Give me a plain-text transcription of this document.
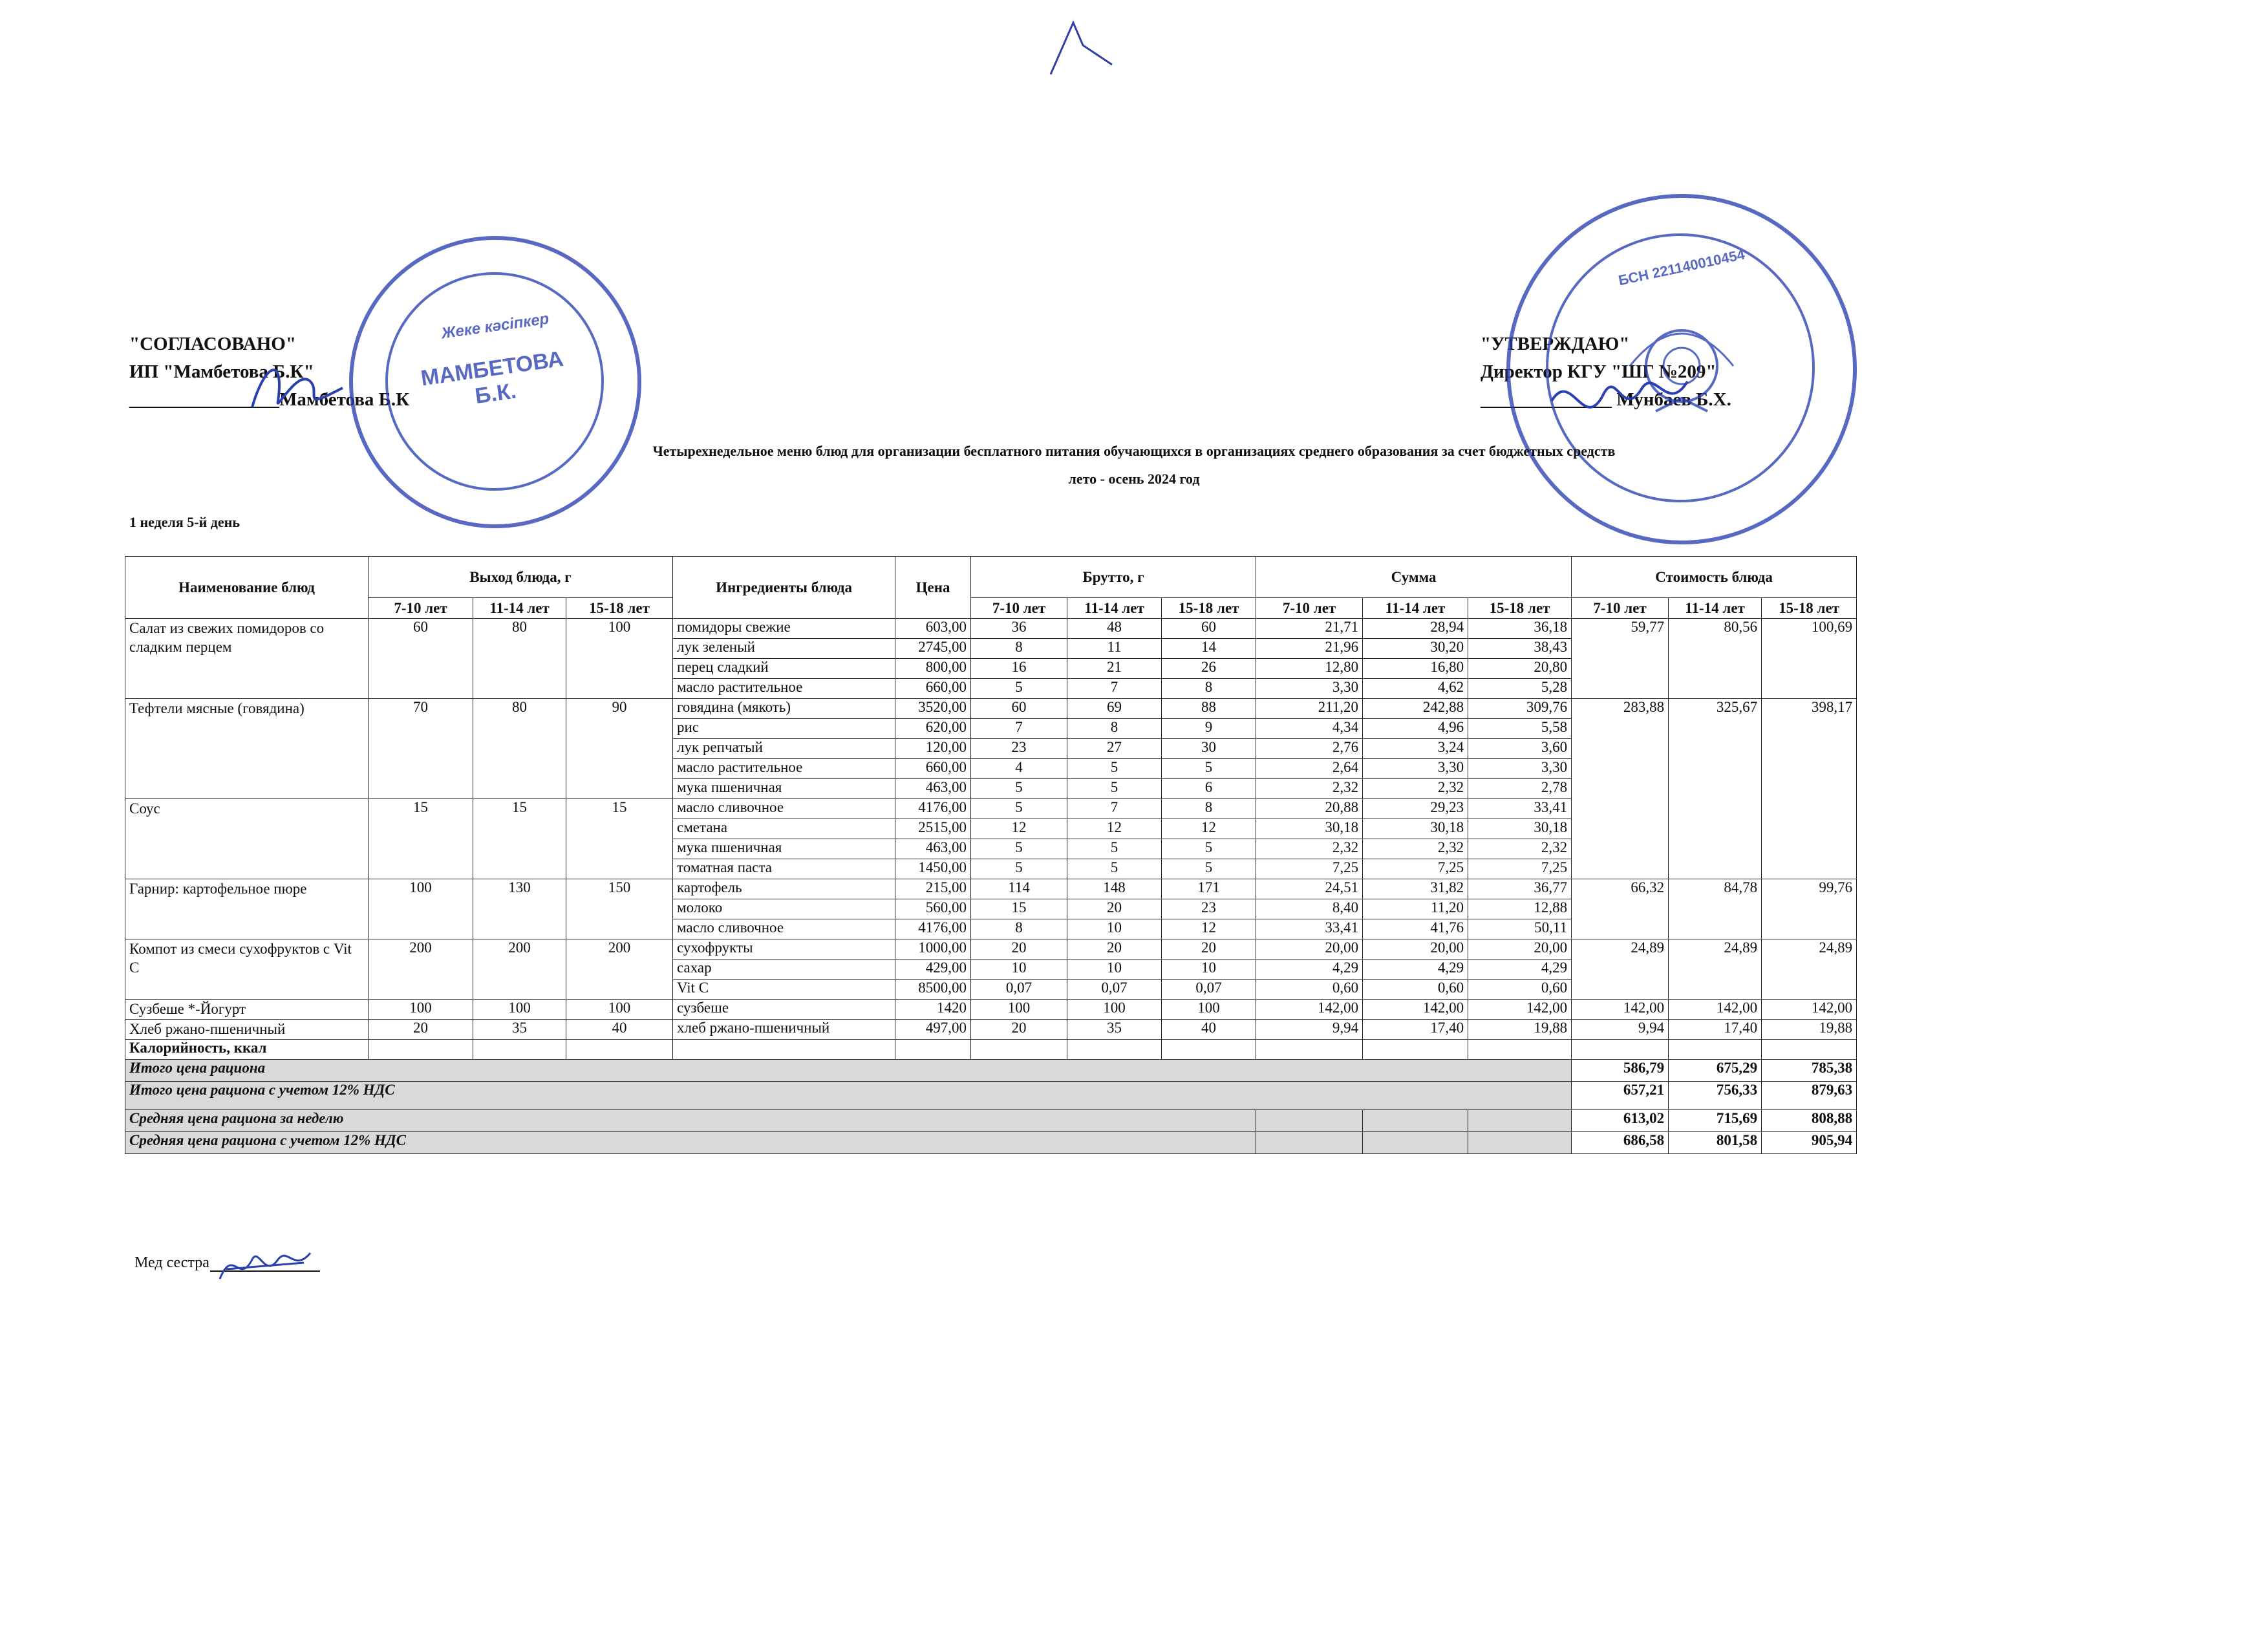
"СОГЛАСОВАНО"
ИП "Мамбетова Б.К"
________________Мамбетова Б.К
"УТВЕРЖДАЮ"
Директор КГУ "ШГ №209"
______________ Мунбаев Б.Х.
МАМБЕТОВА Б.К.
Жеке кәсіпкер
БСН 221140010454
Четырехнедельное меню блюд для организации бесплатного питания обучающихся в организациях среднего образования за счет бюджетных средств
лето - осень 2024 год
1 неделя 5-й день
Наименование блюд	Выход блюда, г			Ингредиенты блюда	Цена	Брутто, г			Сумма			Стоимость блюда		
	7-10 лет	11-14 лет	15-18 лет			7-10 лет	11-14 лет	15-18 лет	7-10 лет	11-14 лет	15-18 лет	7-10 лет	11-14 лет	15-18 лет
Салат из свежих помидоров со сладким перцем	60	80	100	помидоры свежие	603,00	36	48	60	21,71	28,94	36,18	59,77	80,56	100,69
				лук зеленый	2745,00	8	11	14	21,96	30,20	38,43			
				перец сладкий	800,00	16	21	26	12,80	16,80	20,80			
				масло растительное	660,00	5	7	8	3,30	4,62	5,28			
Тефтели мясные (говядина)	70	80	90	говядина (мякоть)	3520,00	60	69	88	211,20	242,88	309,76	283,88	325,67	398,17
				рис	620,00	7	8	9	4,34	4,96	5,58			
				лук репчатый	120,00	23	27	30	2,76	3,24	3,60			
				масло растительное	660,00	4	5	5	2,64	3,30	3,30			
				мука пшеничная	463,00	5	5	6	2,32	2,32	2,78			
Соус	15	15	15	масло сливочное	4176,00	5	7	8	20,88	29,23	33,41			
				сметана	2515,00	12	12	12	30,18	30,18	30,18			
				мука пшеничная	463,00	5	5	5	2,32	2,32	2,32			
				томатная паста	1450,00	5	5	5	7,25	7,25	7,25			
Гарнир: картофельное пюре	100	130	150	картофель	215,00	114	148	171	24,51	31,82	36,77	66,32	84,78	99,76
				молоко	560,00	15	20	23	8,40	11,20	12,88			
				масло сливочное	4176,00	8	10	12	33,41	41,76	50,11			
Компот из смеси сухофруктов с Vit C	200	200	200	сухофрукты	1000,00	20	20	20	20,00	20,00	20,00	24,89	24,89	24,89
				сахар	429,00	10	10	10	4,29	4,29	4,29			
				Vit C	8500,00	0,07	0,07	0,07	0,60	0,60	0,60			
Сузбеше *-Йогурт	100	100	100	сузбеше	1420	100	100	100	142,00	142,00	142,00	142,00	142,00	142,00
Хлеб ржано-пшеничный	20	35	40	хлеб ржано-пшеничный	497,00	20	35	40	9,94	17,40	19,88	9,94	17,40	19,88
Калорийность, ккал														
Итого цена рациона												586,79	675,29	785,38
Итого цена рациона с учетом 12% НДС												657,21	756,33	879,63
Средняя цена рациона за неделю												613,02	715,69	808,88
Средняя цена рациона с учетом 12% НДС												686,58	801,58	905,94
Мед сестра
